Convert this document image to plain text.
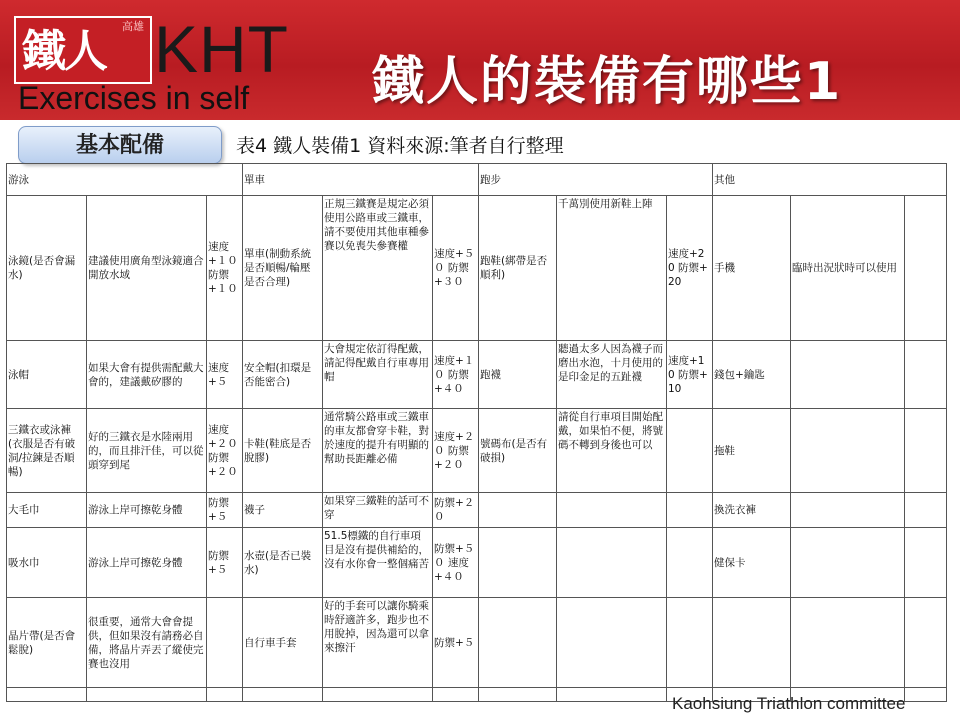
高雄
鐵人 KHT
Exercises in self 鐵人的裝備有哪些1
基本配備	表4 鐵人裝備1 資料來源:筆者自行整理
游泳			單車			跑步			其他		
泳鏡(是否會漏水)	建議使用廣角型泳鏡適合開放水域	速度+１０ 防禦+１０	單車(制動系統是否順暢/輪壓是否合理)	正規三鐵賽是規定必須使用公路車或三鐵車，請不要使用其他車種參賽以免喪失參賽權	速度+５０ 防禦+３０	跑鞋(綁帶是否順利)	千萬別使用新鞋上陣	速度+20 防禦+20	手機	臨時出況狀時可以使用	
泳帽	如果大會有提供需配戴大會的，建議戴矽膠的	速度+５	安全帽(扣環是否能密合)	大會規定依訂得配戴，請記得配戴自行車專用帽	速度+１０ 防禦+４０	跑襪	聽過太多人因為襪子而磨出水泡，十月使用的是印金足的五趾襪	速度+10 防禦+10	錢包+鑰匙		
三鐵衣或泳褲(衣服是否有破洞/拉鍊是否順暢)	好的三鐵衣是水陸兩用的，而且排汗佳，可以從頭穿到尾	速度+２０ 防禦+２０	卡鞋(鞋底是否脫膠)	通常騎公路車或三鐵車的車友都會穿卡鞋，對於速度的提升有明顯的幫助長距離必備	速度+２０ 防禦+２０	號碼布(是否有破損)	請從自行車項目開始配戴，如果怕不便，將號碼不轉到身後也可以		拖鞋		
大毛巾	游泳上岸可擦乾身體	防禦+５	襪子	如果穿三鐵鞋的話可不穿	防禦+２０				換洗衣褲		
吸水巾	游泳上岸可擦乾身體	防禦+５	水壺(是否已裝水)	51.5標鐵的自行車項目是沒有提供補給的，沒有水你會一整個痛苦	防禦+５０ 速度+４０				健保卡		
晶片帶(是否會鬆脫)	很重要，通常大會會提供，但如果沒有請務必自備，將晶片弄丟了縱使完賽也沒用		自行車手套	好的手套可以讓你騎乘時舒適許多，跑步也不用脫掉，因為還可以拿來擦汗	防禦+５						

Kaohsiung Triathlon committee
